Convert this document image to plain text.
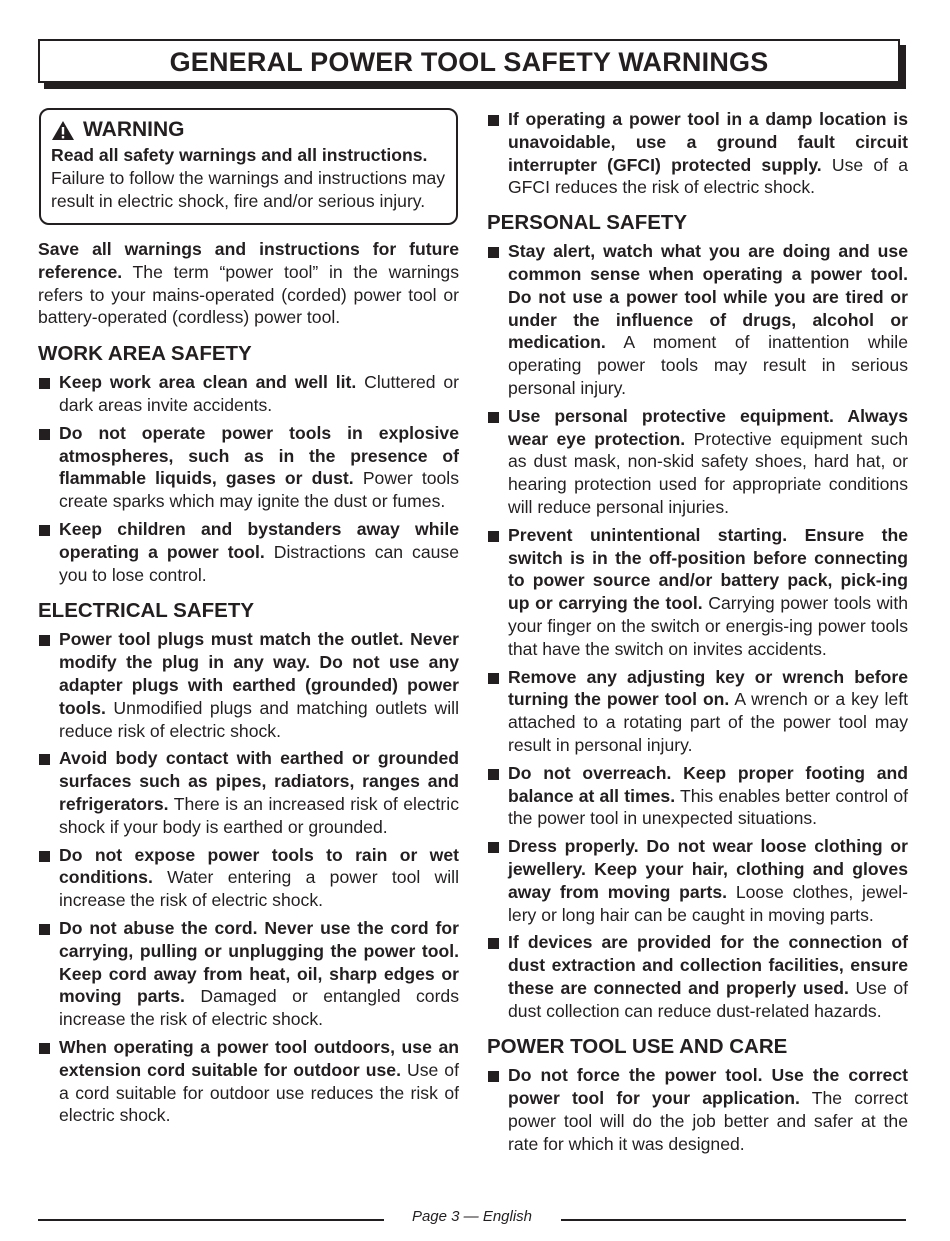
GENERAL POWER TOOL SAFETY WARNINGS
WARNING

Read all safety warnings and all instructions.
Failure to follow the warnings and instructions may result in electric shock, fire and/or serious injury.

Save all warnings and instructions for future reference. The term “power tool” in the warnings refers to your mains-operated (corded) power tool or battery-operated (cordless) power tool.

WORK AREA SAFETY
Keep work area clean and well lit. Cluttered or dark areas invite accidents.
Do not operate power tools in explosive atmospheres, such as in the presence of flammable liquids, gases or dust. Power tools create sparks which may ignite the dust or fumes.
Keep children and bystanders away while operating a power tool. Distractions can cause you to lose control.
ELECTRICAL SAFETY
Power tool plugs must match the outlet. Never modify the plug in any way. Do not use any adapter plugs with earthed (grounded) power tools. Unmodified plugs and matching outlets will reduce risk of electric shock.
Avoid body contact with earthed or grounded surfaces such as pipes, radiators, ranges and refrigerators. There is an increased risk of electric shock if your body is earthed or grounded.
Do not expose power tools to rain or wet conditions. Water entering a power tool will increase the risk of electric shock.
Do not abuse the cord. Never use the cord for carrying, pulling or unplugging the power tool. Keep cord away from heat, oil, sharp edges or moving parts. Damaged or entangled cords increase the risk of electric shock.
When operating a power tool outdoors, use an extension cord suitable for outdoor use. Use of a cord suitable for outdoor use reduces the risk of electric shock.
If operating a power tool in a damp location is unavoidable, use a ground fault circuit interrupter (GFCI) protected supply. Use of a GFCI reduces the risk of electric shock.
PERSONAL SAFETY
Stay alert, watch what you are doing and use common sense when operating a power tool. Do not use a power tool while you are tired or under the influence of drugs, alcohol or medication. A moment of inattention while operating power tools may result in serious personal injury.
Use personal protective equipment. Always wear eye protection. Protective equipment such as dust mask, non-skid safety shoes, hard hat, or hearing protection used for appropriate conditions will reduce personal injuries.
Prevent unintentional starting. Ensure the switch is in the off-position before connecting to power source and/or battery pack, pick-ing up or carrying the tool. Carrying power tools with your finger on the switch or energis-ing power tools that have the switch on invites accidents.
Remove any adjusting key or wrench before turning the power tool on. A wrench or a key left attached to a rotating part of the power tool may result in personal injury.
Do not overreach. Keep proper footing and balance at all times. This enables better control of the power tool in unexpected situations.
Dress properly. Do not wear loose clothing or jewellery. Keep your hair, clothing and gloves away from moving parts. Loose clothes, jewel-lery or long hair can be caught in moving parts.
If devices are provided for the connection of dust extraction and collection facilities, ensure these are connected and properly used. Use of dust collection can reduce dust-related hazards.
POWER TOOL USE AND CARE
Do not force the power tool. Use the correct power tool for your application. The correct power tool will do the job better and safer at the rate for which it was designed.
Page 3 — English
